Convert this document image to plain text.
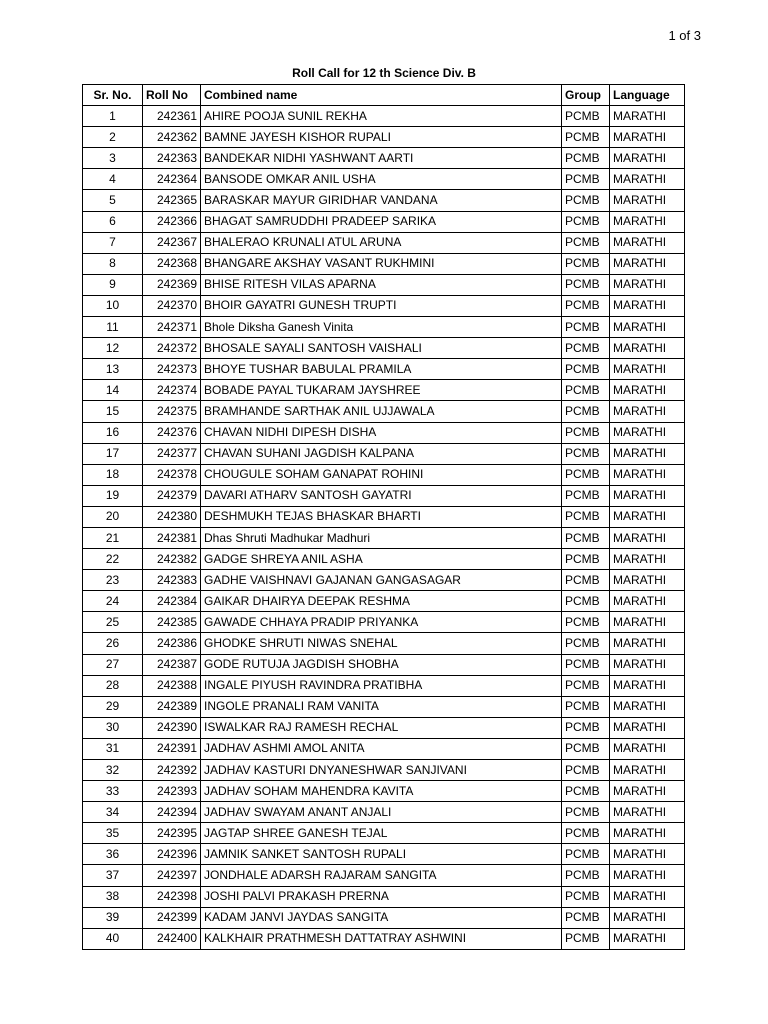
1 of 3
Roll Call for 12 th Science Div. B
Sr. No.	Roll No	Combined name	Group	Language
1	242361	AHIRE POOJA SUNIL REKHA	PCMB	MARATHI
2	242362	BAMNE JAYESH KISHOR RUPALI	PCMB	MARATHI
3	242363	BANDEKAR NIDHI YASHWANT AARTI	PCMB	MARATHI
4	242364	BANSODE OMKAR ANIL USHA	PCMB	MARATHI
5	242365	BARASKAR MAYUR GIRIDHAR VANDANA	PCMB	MARATHI
6	242366	BHAGAT SAMRUDDHI PRADEEP SARIKA	PCMB	MARATHI
7	242367	BHALERAO KRUNALI ATUL ARUNA	PCMB	MARATHI
8	242368	BHANGARE AKSHAY VASANT RUKHMINI	PCMB	MARATHI
9	242369	BHISE RITESH VILAS APARNA	PCMB	MARATHI
10	242370	BHOIR GAYATRI GUNESH TRUPTI	PCMB	MARATHI
11	242371	Bhole Diksha Ganesh Vinita	PCMB	MARATHI
12	242372	BHOSALE SAYALI SANTOSH VAISHALI	PCMB	MARATHI
13	242373	BHOYE TUSHAR BABULAL PRAMILA	PCMB	MARATHI
14	242374	BOBADE PAYAL TUKARAM JAYSHREE	PCMB	MARATHI
15	242375	BRAMHANDE SARTHAK ANIL UJJAWALA	PCMB	MARATHI
16	242376	CHAVAN NIDHI DIPESH DISHA	PCMB	MARATHI
17	242377	CHAVAN SUHANI JAGDISH KALPANA	PCMB	MARATHI
18	242378	CHOUGULE SOHAM GANAPAT ROHINI	PCMB	MARATHI
19	242379	DAVARI ATHARV SANTOSH GAYATRI	PCMB	MARATHI
20	242380	DESHMUKH TEJAS BHASKAR BHARTI	PCMB	MARATHI
21	242381	Dhas Shruti Madhukar Madhuri	PCMB	MARATHI
22	242382	GADGE SHREYA ANIL ASHA	PCMB	MARATHI
23	242383	GADHE VAISHNAVI GAJANAN GANGASAGAR	PCMB	MARATHI
24	242384	GAIKAR DHAIRYA DEEPAK RESHMA	PCMB	MARATHI
25	242385	GAWADE CHHAYA PRADIP PRIYANKA	PCMB	MARATHI
26	242386	GHODKE SHRUTI NIWAS SNEHAL	PCMB	MARATHI
27	242387	GODE RUTUJA JAGDISH SHOBHA	PCMB	MARATHI
28	242388	INGALE PIYUSH RAVINDRA PRATIBHA	PCMB	MARATHI
29	242389	INGOLE PRANALI RAM VANITA	PCMB	MARATHI
30	242390	ISWALKAR RAJ RAMESH RECHAL	PCMB	MARATHI
31	242391	JADHAV ASHMI AMOL ANITA	PCMB	MARATHI
32	242392	JADHAV KASTURI DNYANESHWAR SANJIVANI	PCMB	MARATHI
33	242393	JADHAV SOHAM MAHENDRA KAVITA	PCMB	MARATHI
34	242394	JADHAV SWAYAM ANANT ANJALI	PCMB	MARATHI
35	242395	JAGTAP SHREE GANESH TEJAL	PCMB	MARATHI
36	242396	JAMNIK SANKET SANTOSH RUPALI	PCMB	MARATHI
37	242397	JONDHALE ADARSH RAJARAM SANGITA	PCMB	MARATHI
38	242398	JOSHI PALVI PRAKASH PRERNA	PCMB	MARATHI
39	242399	KADAM JANVI JAYDAS SANGITA	PCMB	MARATHI
40	242400	KALKHAIR PRATHMESH DATTATRAY ASHWINI	PCMB	MARATHI
